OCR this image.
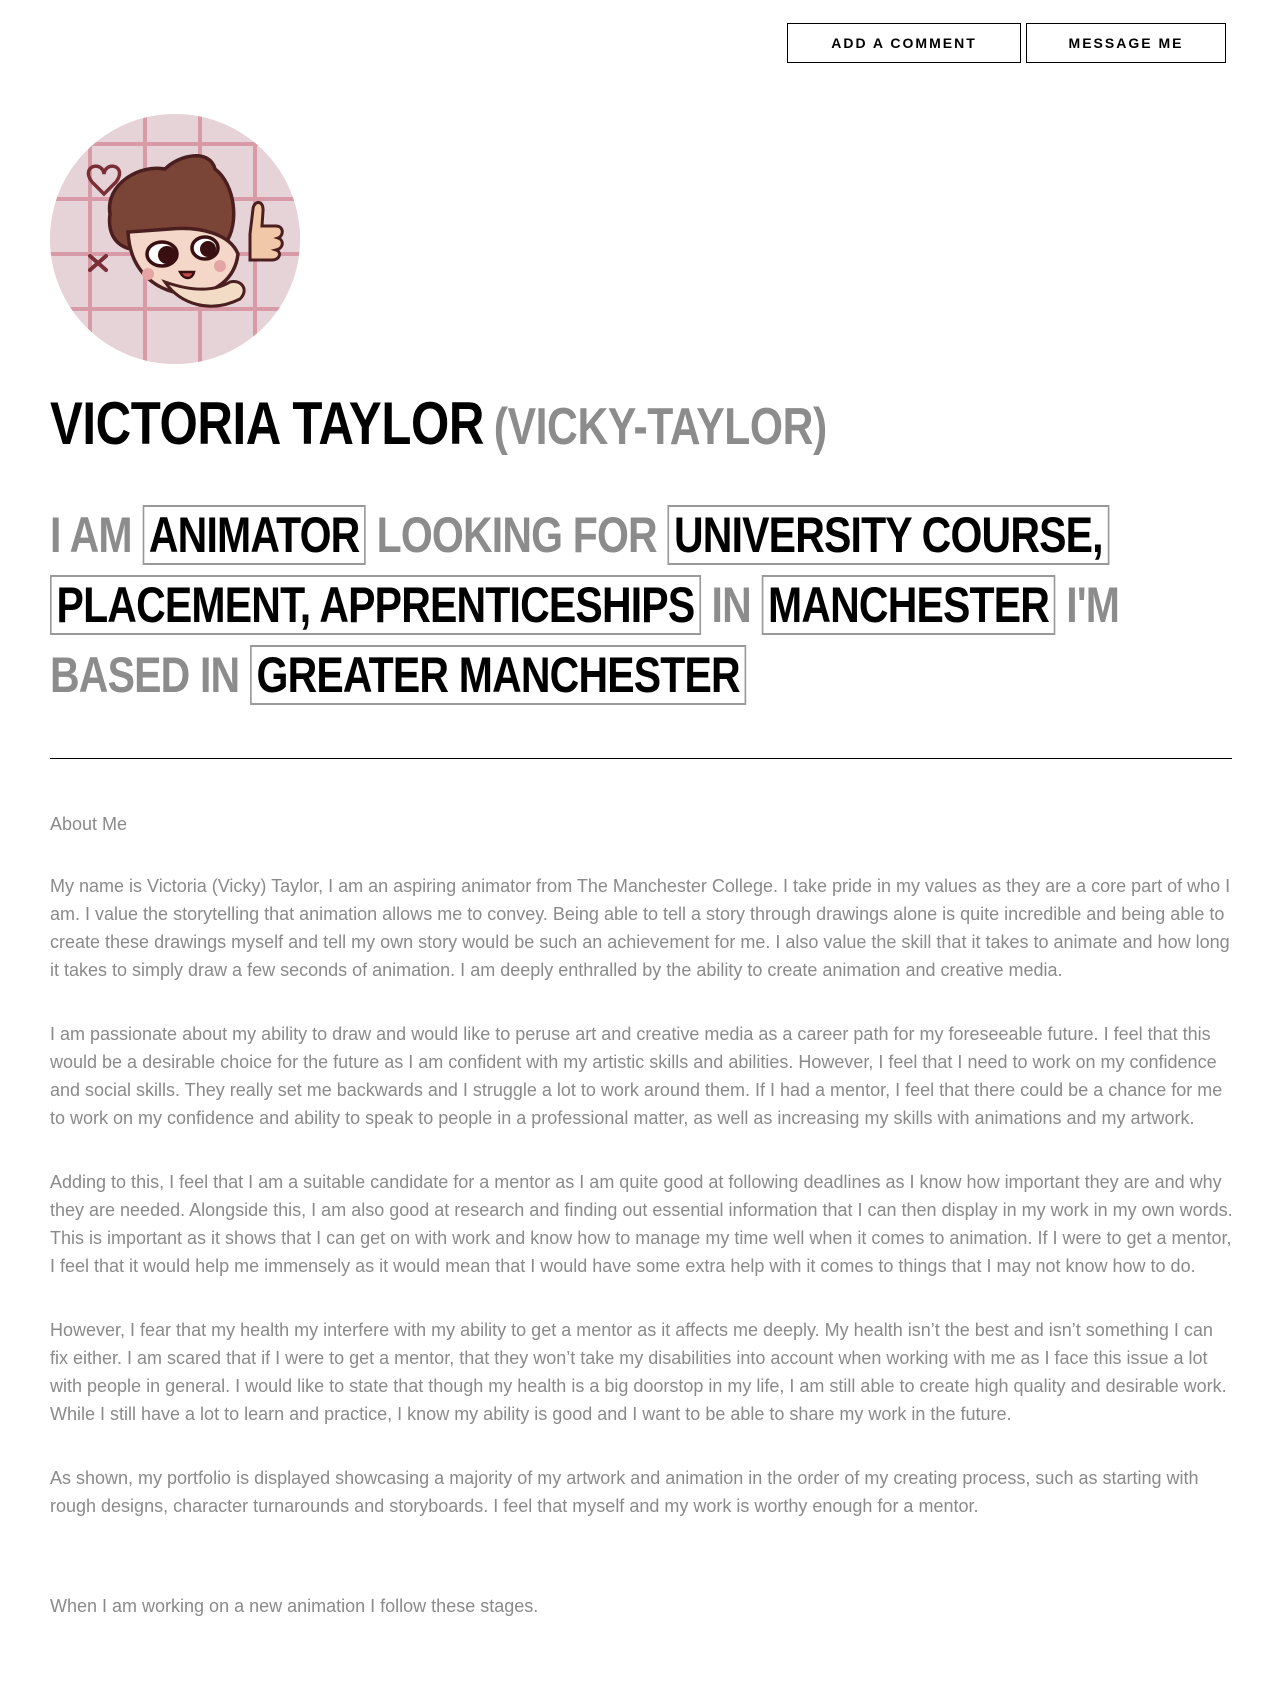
ADD A COMMENT	MESSAGE ME
VICTORIA TAYLOR (VICKY-TAYLOR)

I AM ANIMATOR LOOKING FOR UNIVERSITY COURSE, PLACEMENT, APPRENTICESHIPS IN MANCHESTER I'M BASED IN GREATER MANCHESTER

About Me

My name is Victoria (Vicky) Taylor, I am an aspiring animator from The Manchester College. I take pride in my values as they are a core part of who I am. I value the storytelling that animation allows me to convey. Being able to tell a story through drawings alone is quite incredible and being able to create these drawings myself and tell my own story would be such an achievement for me. I also value the skill that it takes to animate and how long it takes to simply draw a few seconds of animation. I am deeply enthralled by the ability to create animation and creative media.

I am passionate about my ability to draw and would like to peruse art and creative media as a career path for my foreseeable future. I feel that this would be a desirable choice for the future as I am confident with my artistic skills and abilities. However, I feel that I need to work on my confidence and social skills. They really set me backwards and I struggle a lot to work around them. If I had a mentor, I feel that there could be a chance for me to work on my confidence and ability to speak to people in a professional matter, as well as increasing my skills with animations and my artwork.

Adding to this, I feel that I am a suitable candidate for a mentor as I am quite good at following deadlines as I know how important they are and why they are needed. Alongside this, I am also good at research and finding out essential information that I can then display in my work in my own words. This is important as it shows that I can get on with work and know how to manage my time well when it comes to animation. If I were to get a mentor, I feel that it would help me immensely as it would mean that I would have some extra help with it comes to things that I may not know how to do.

However, I fear that my health my interfere with my ability to get a mentor as it affects me deeply. My health isn’t the best and isn’t something I can fix either. I am scared that if I were to get a mentor, that they won’t take my disabilities into account when working with me as I face this issue a lot with people in general. I would like to state that though my health is a big doorstop in my life, I am still able to create high quality and desirable work. While I still have a lot to learn and practice, I know my ability is good and I want to be able to share my work in the future.

As shown, my portfolio is displayed showcasing a majority of my artwork and animation in the order of my creating process, such as starting with rough designs, character turnarounds and storyboards. I feel that myself and my work is worthy enough for a mentor.

When I am working on a new animation I follow these stages.
